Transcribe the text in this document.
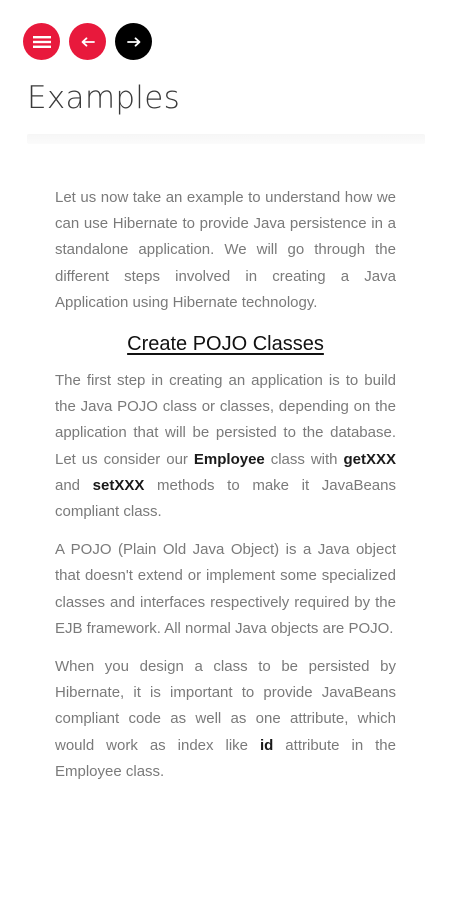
Examples

Let us now take an example to understand how we can use Hibernate to provide Java persistence in a standalone application. We will go through the different steps involved in creating a Java Application using Hibernate technology.

Create POJO Classes

The first step in creating an application is to build the Java POJO class or classes, depending on the application that will be persisted to the database. Let us consider our Employee class with getXXX and setXXX methods to make it JavaBeans compliant class.

A POJO (Plain Old Java Object) is a Java object that doesn't extend or implement some specialized classes and interfaces respectively required by the EJB framework. All normal Java objects are POJO.

When you design a class to be persisted by Hibernate, it is important to provide JavaBeans compliant code as well as one attribute, which would work as index like id attribute in the Employee class.
